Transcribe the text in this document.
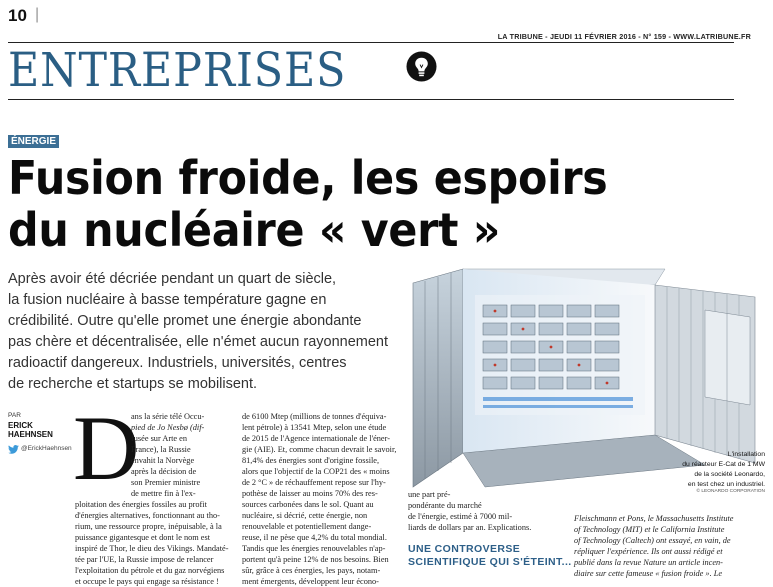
10 |
LA TRIBUNE - JEUDI 11 FÉVRIER 2016 - N° 159 - WWW.LATRIBUNE.FR
ENTREPRISES
ÉNERGIE
Fusion froide, les espoirs
du nucléaire « vert »
Après avoir été décriée pendant un quart de siècle,
la fusion nucléaire à basse température gagne en
crédibilité. Outre qu'elle promet une énergie abondante
pas chère et décentralisée, elle n'émet aucun rayonnement
radioactif dangereux. Industriels, universités, centres
de recherche et startups se mobilisent.
PAR
ERICK
HAEHNSEN
@ErickHaehnsen D
ans la série télé Occu-
pied de Jo Nesbø (dif-
fusée sur Arte en
France), la Russie
envahit la Norvège
après la décision de
son Premier ministre
de mettre fin à l'ex-
ploitation des énergies fossiles au profit
d'énergies alternatives, fonctionnant au tho-
rium, une ressource propre, inépuisable, à la
puissance gigantesque et dont le nom est
inspiré de Thor, le dieu des Vikings. Mandaté-
tée par l'UE, la Russie impose de relancer
l'exploitation du pétrole et du gaz norvégiens
et occupe le pays qui engage sa résistance !
de 6100 Mtep (millions de tonnes d'équiva-
lent pétrole) à 13541 Mtep, selon une étude
de 2015 de l'Agence internationale de l'éner-
gie (AIE). Et, comme chacun devrait le savoir,
81,4% des énergies sont d'origine fossile,
alors que l'objectif de la COP21 des « moins
de 2 °C » de réchauffement repose sur l'hy-
pothèse de laisser au moins 70% des res-
sources carbonées dans le sol. Quant au
nucléaire, si décrié, cette énergie, non
renouvelable et potentiellement dange-
reuse, il ne pèse que 4,2% du total mondial.
Tandis que les énergies renouvelables n'ap-
portent qu'à peine 12% de nos besoins. Bien
sûr, grâce à ces énergies, les pays, notam-
ment émergents, développent leur écono-
L'installation
du réacteur E-Cat de 1 MW
de la société Leonardo,
en test chez un industriel.
© LEONARDO CORPORATION
une part pré-
pondérante du marché
de l'énergie, estimé à 7000 mil-
liards de dollars par an. Explications.
UNE CONTROVERSE
SCIENTIFIQUE QUI S'ÉTEINT...
Fleischmann et Pons, le Massachusetts Institute
of Technology (MIT) et le California Institute
of Technology (Caltech) ont essayé, en vain, de
répliquer l'expérience. Ils ont aussi rédigé et
publié dans la revue Nature un article incen-
diaire sur cette fameuse « fusion froide ». Le
